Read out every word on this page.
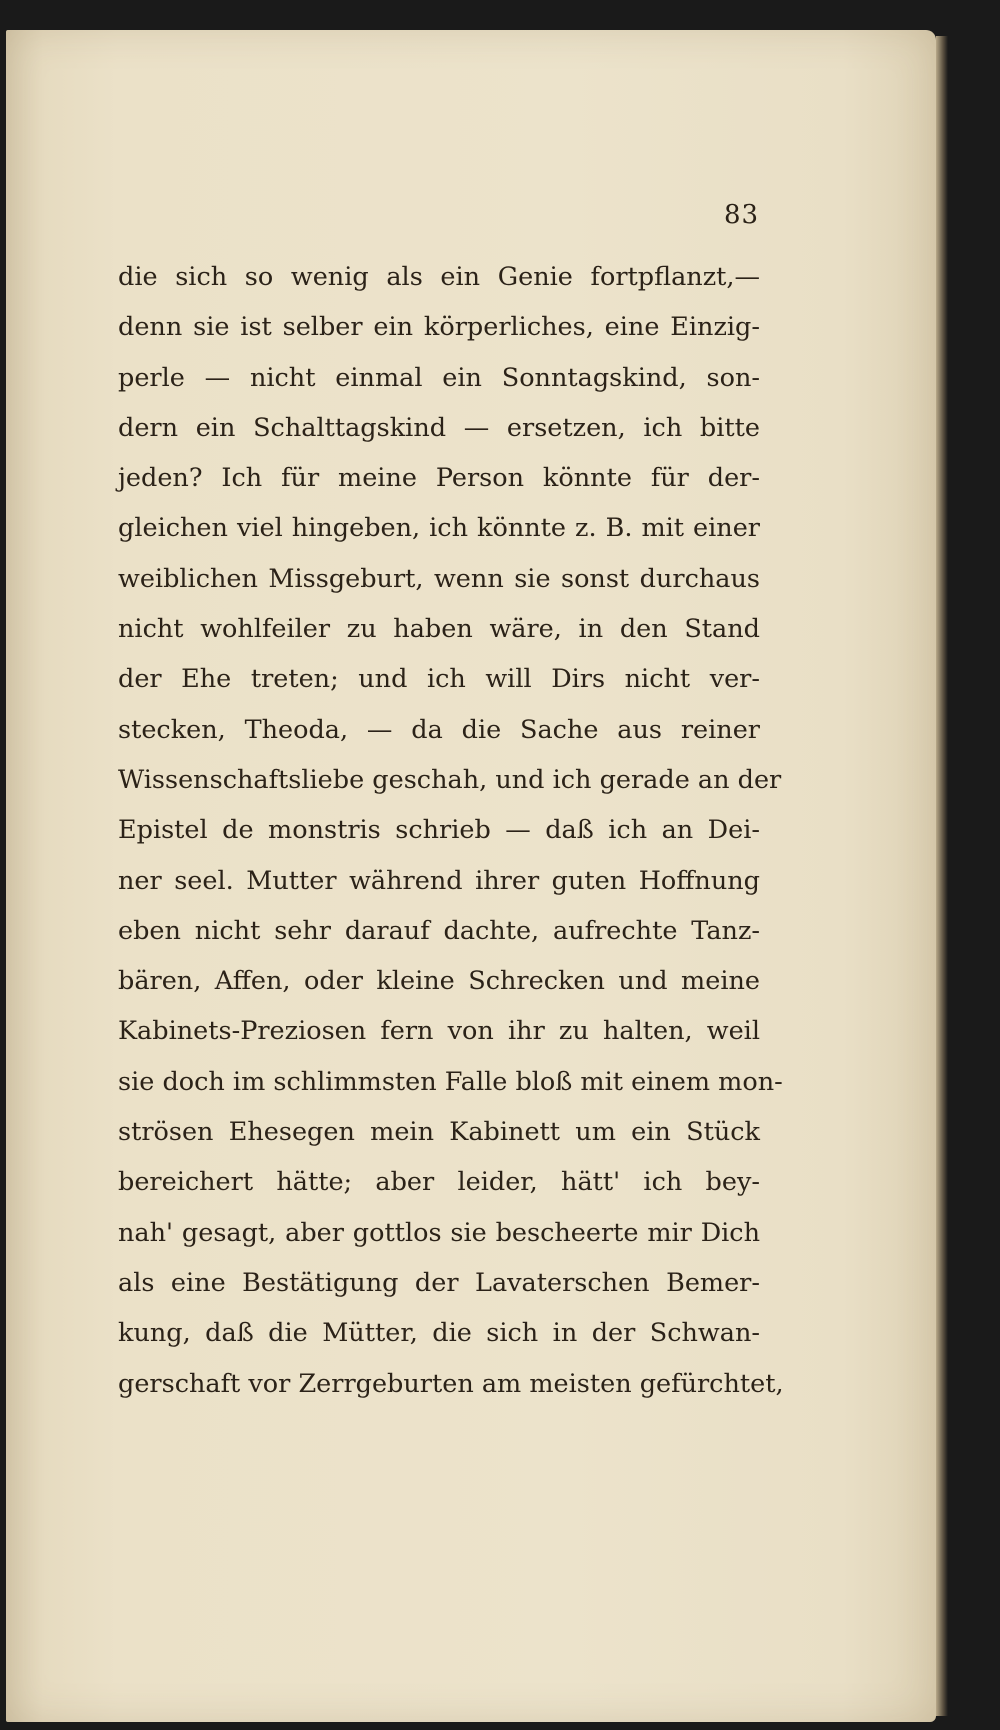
83
die sich so wenig als ein Genie fortpflanzt,—
denn sie ist selber ein körperliches, eine Einzig-
perle — nicht einmal ein Sonntagskind, son-
dern ein Schalttagskind — ersetzen, ich bitte
jeden? Ich für meine Person könnte für der-
gleichen viel hingeben, ich könnte z. B. mit einer
weiblichen Missgeburt, wenn sie sonst durchaus
nicht wohlfeiler zu haben wäre, in den Stand
der Ehe treten; und ich will Dirs nicht ver-
stecken, Theoda, — da die Sache aus reiner
Wissenschaftsliebe geschah, und ich gerade an der
Epistel de monstris schrieb — daß ich an Dei-
ner seel. Mutter während ihrer guten Hoffnung
eben nicht sehr darauf dachte, aufrechte Tanz-
bären, Affen, oder kleine Schrecken und meine
Kabinets-Preziosen fern von ihr zu halten, weil
sie doch im schlimmsten Falle bloß mit einem mon-
strösen Ehesegen mein Kabinett um ein Stück
bereichert hätte; aber leider, hätt' ich bey-
nah' gesagt, aber gottlos sie bescheerte mir Dich
als eine Bestätigung der Lavaterschen Bemer-
kung, daß die Mütter, die sich in der Schwan-
gerschaft vor Zerrgeburten am meisten gefürchtet,
